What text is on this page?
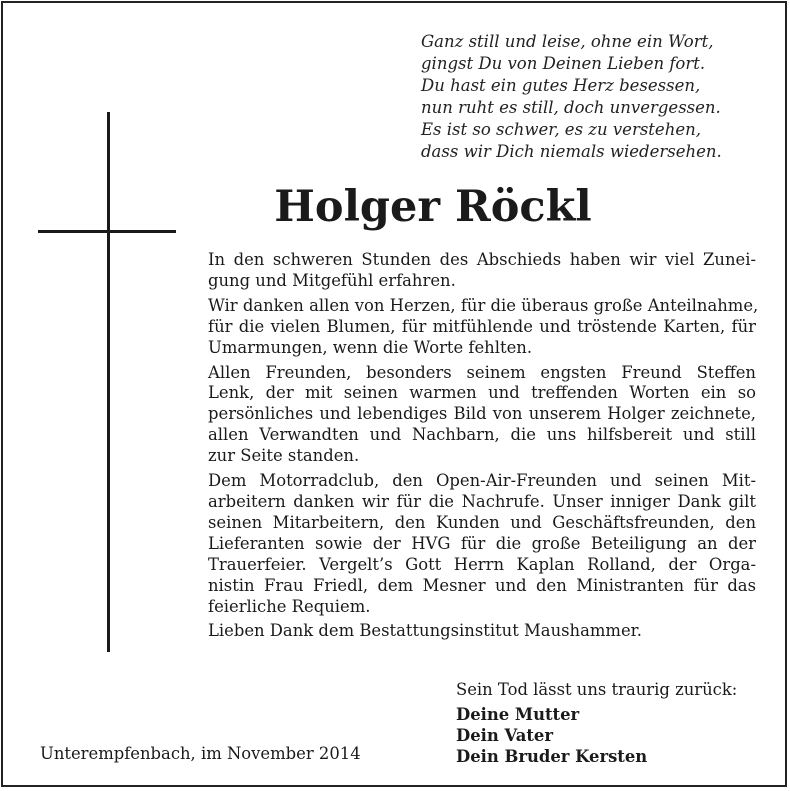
Ganz still und leise, ohne ein Wort,
gingst Du von Deinen Lieben fort.
Du hast ein gutes Herz besessen,
nun ruht es still, doch unvergessen.
Es ist so schwer, es zu verstehen,
dass wir Dich niemals wiedersehen.
Holger Röckl

In den schweren Stunden des Abschieds haben wir viel Zunei-
gung und Mitgefühl erfahren.

Wir danken allen von Herzen, für die überaus große Anteilnahme,
für die vielen Blumen, für mitfühlende und tröstende Karten, für
Umarmungen, wenn die Worte fehlten.

Allen Freunden, besonders seinem engsten Freund Steffen
Lenk, der mit seinen warmen und treffenden Worten ein so
persönliches und lebendiges Bild von unserem Holger zeichnete,
allen Verwandten und Nachbarn, die uns hilfsbereit und still
zur Seite standen.

Dem Motorradclub, den Open-Air-Freunden und seinen Mit-
arbeitern danken wir für die Nachrufe. Unser inniger Dank gilt
seinen Mitarbeitern, den Kunden und Geschäftsfreunden, den
Lieferanten sowie der HVG für die große Beteiligung an der
Trauerfeier. Vergelt’s Gott Herrn Kaplan Rolland, der Orga-
nistin Frau Friedl, dem Mesner und den Ministranten für das
feierliche Requiem.

Lieben Dank dem Bestattungsinstitut Maushammer.

Sein Tod lässt uns traurig zurück:
Deine Mutter
Dein Vater
Dein Bruder Kersten
Unterempfenbach, im November 2014
